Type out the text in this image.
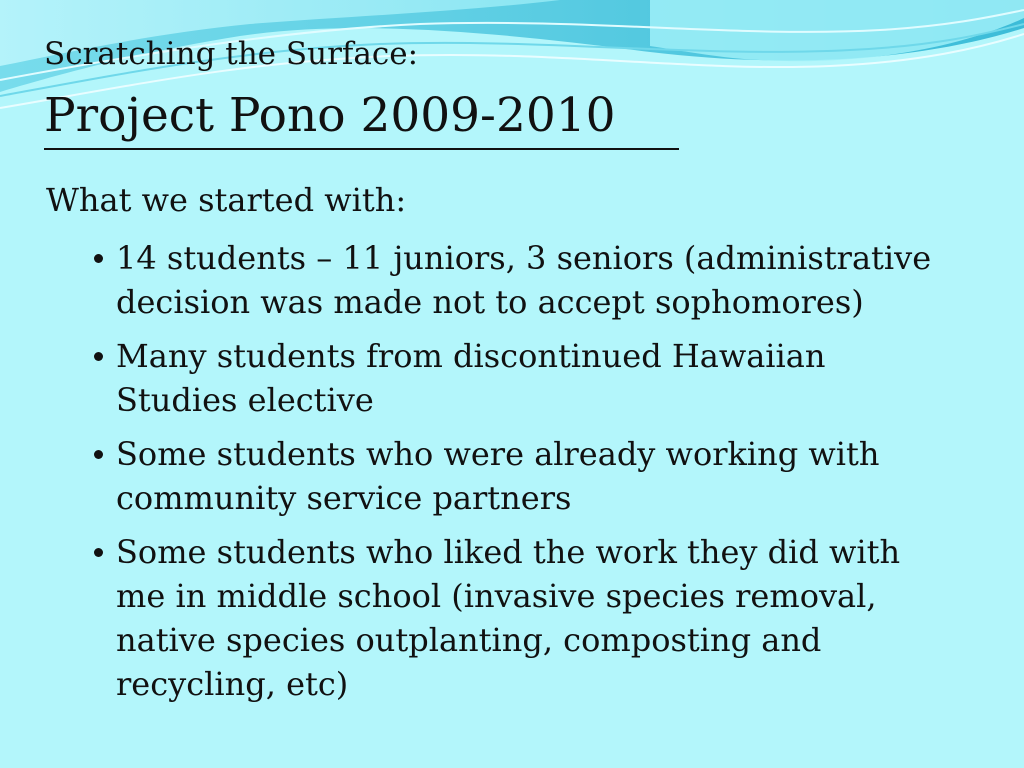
Scratching the Surface:
Project Pono 2009-2010

What we started with:

14 students – 11 juniors, 3 seniors (administrative
decision was made not to accept sophomores)
Many students from discontinued Hawaiian
Studies elective
Some students who were already working with
community service partners
Some students who liked the work they did with
me in middle school (invasive species removal,
native species outplanting, composting and
recycling, etc)
